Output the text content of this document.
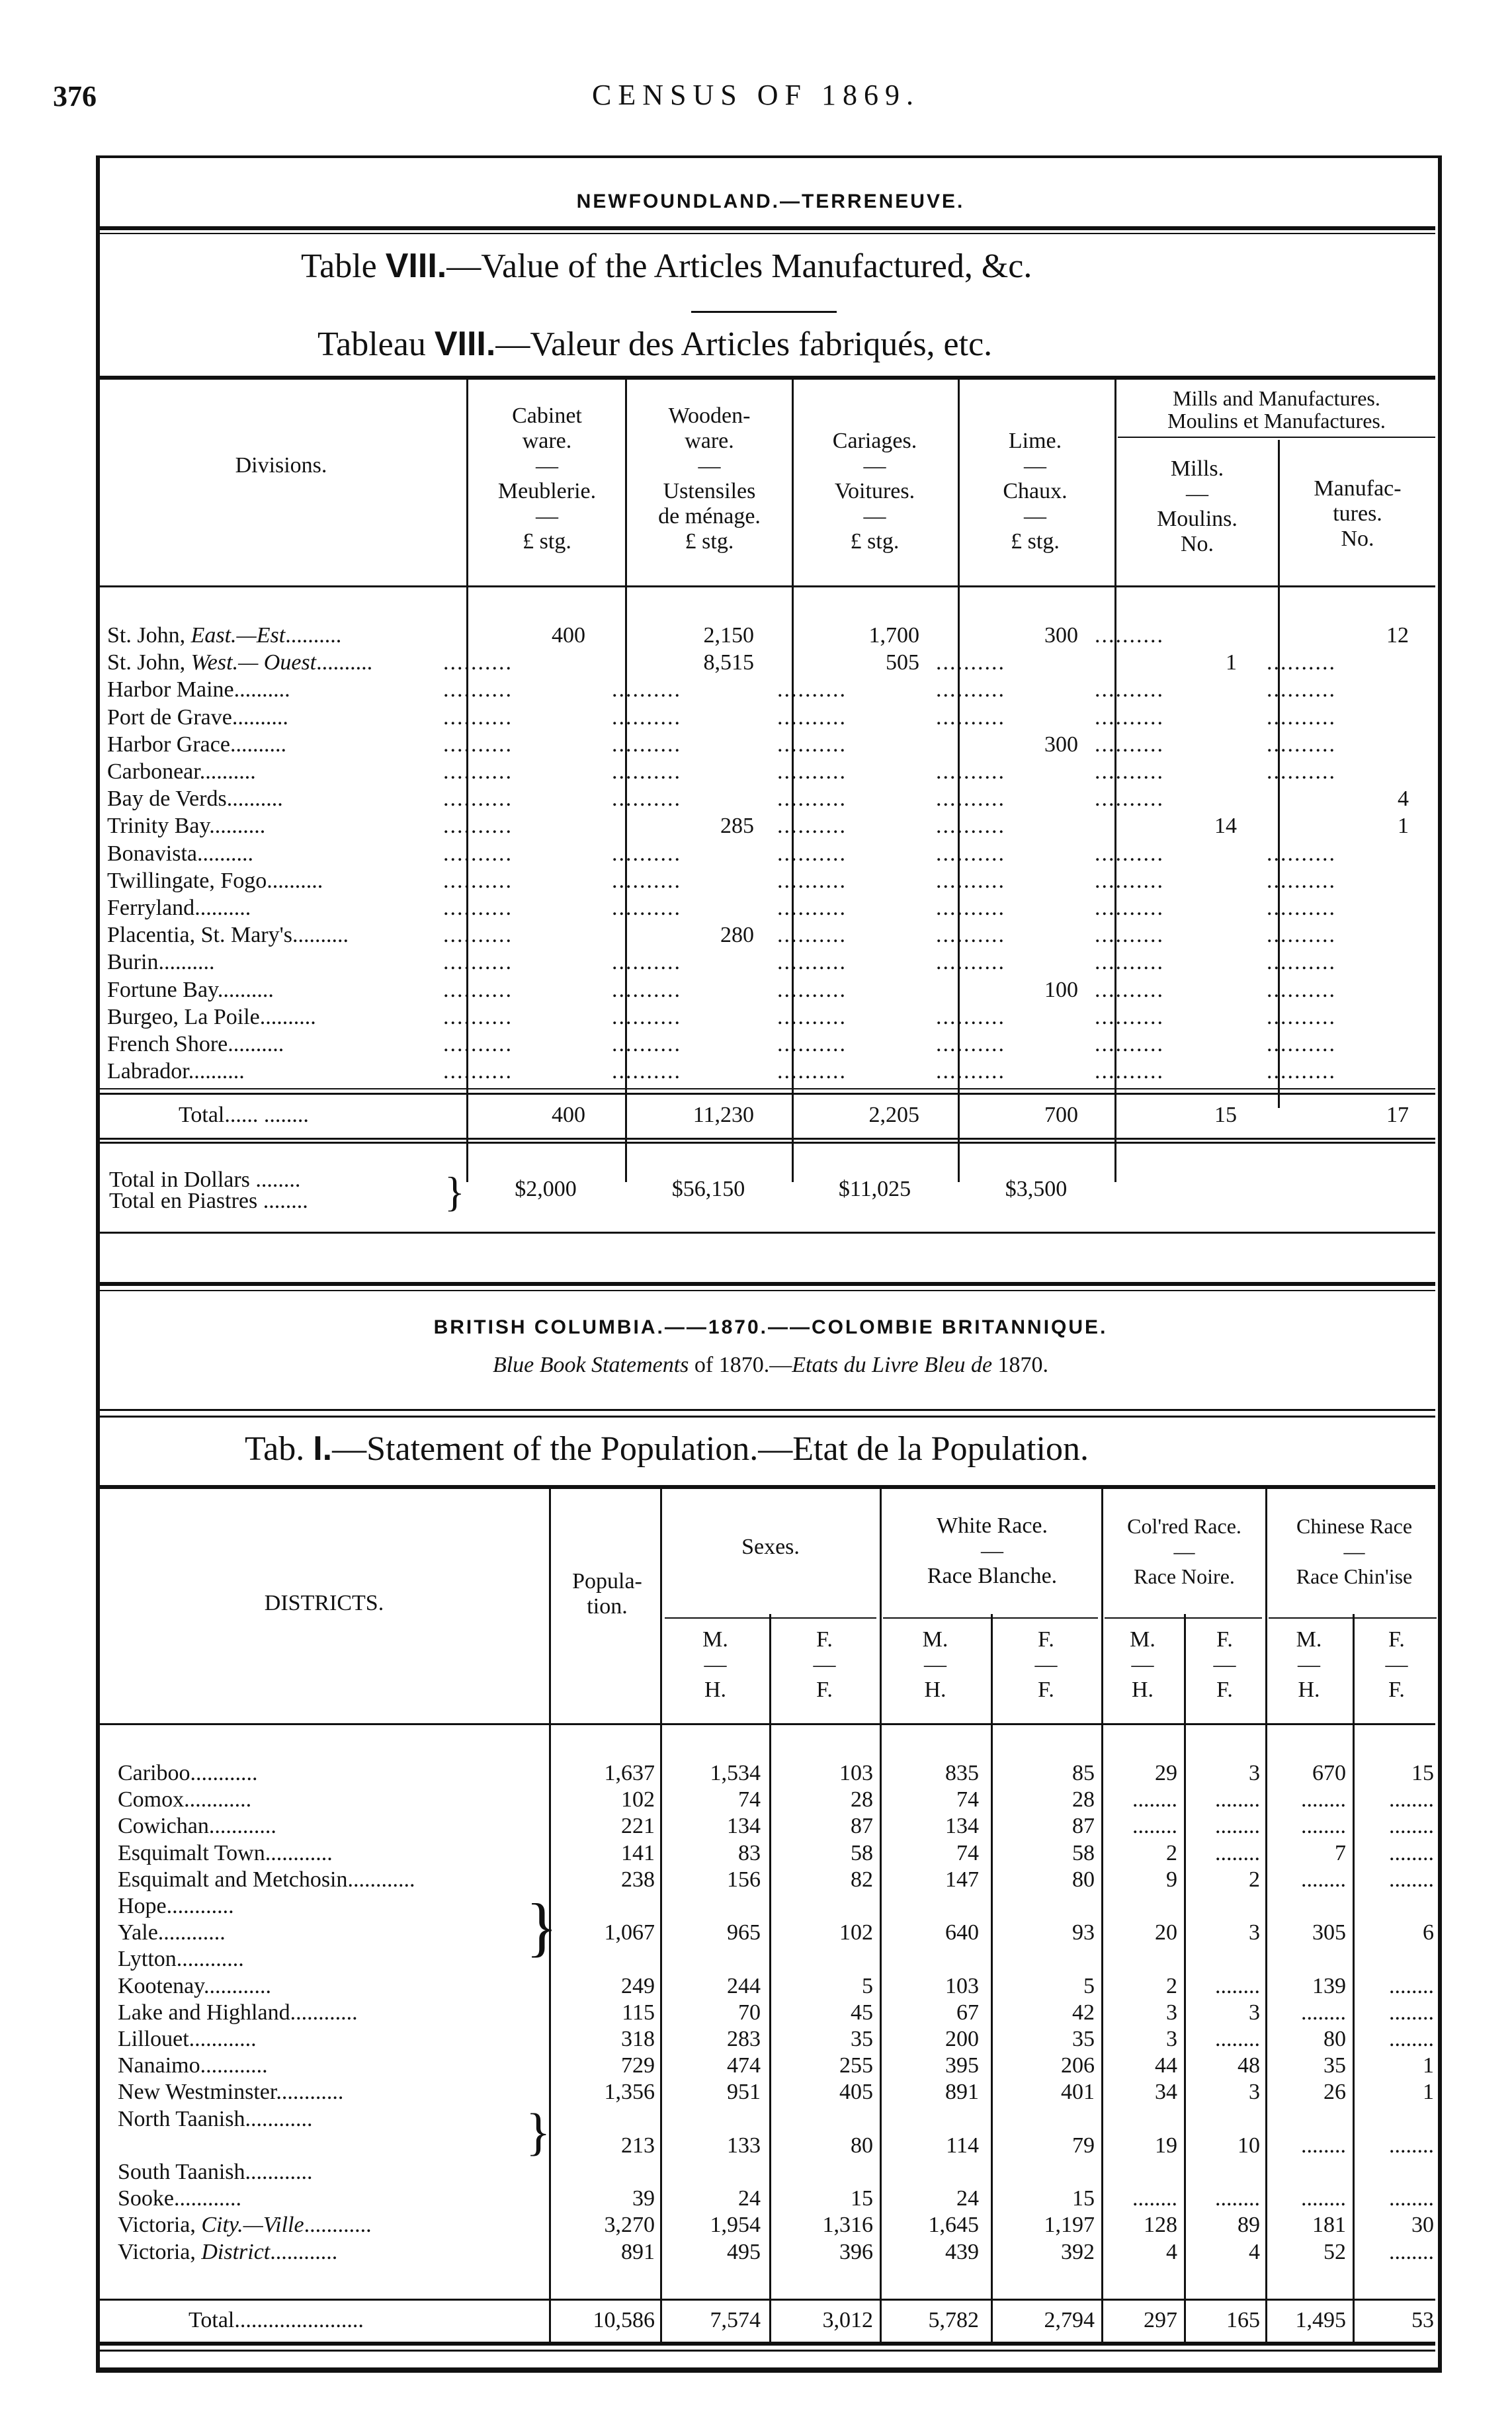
376	CENSUS OF 1869.
NEWFOUNDLAND.—TERRENEUVE.
Table VIII.—Value of the Articles Manufactured, &c.
Tableau VIII.—Valeur des Articles fabriqués, etc.
Divisions.
Cabinet
ware.
—
Meublerie.
—
£ stg.
Wooden-
ware.
—
Ustensiles
de ménage.
£ stg.
Cariages.
—
Voitures.
—
£ stg.
Lime.
—
Chaux.
—
£ stg.
Mills and Manufactures.
Moulins et Manufactures.
Mills.
—
Moulins.
No.
Manufac-
tures.
No.
St. John, East.—Est..........	400	2,150	1,700	300 ..........	12
St. John, West.— Ouest..........	..........	8,515	505 ..........	1 ..........
Harbor Maine..........	..........	..........	..........	..........	..........	..........
Port de Grave..........	..........	..........	..........	..........	..........	..........
Harbor Grace..........	..........	..........	..........	300 ..........	..........
Carbonear..........	..........	..........	..........	..........	..........	..........
Bay de Verds..........	..........	..........	..........	..........	..........	4
Trinity Bay..........	..........	285 ..........	..........	14	1
Bonavista..........	..........	..........	..........	..........	..........	..........
Twillingate, Fogo..........	..........	..........	..........	..........	..........	..........
Ferryland..........	..........	..........	..........	..........	..........	..........
Placentia, St. Mary's..........	..........	280 ..........	..........	..........	..........
Burin..........	..........	..........	..........	..........	..........	..........
Fortune Bay..........	..........	..........	..........	100 ..........	..........
Burgeo, La Poile..........	..........	..........	..........	..........	..........	..........
French Shore..........	..........	..........	..........	..........	..........	..........
Labrador..........	..........	..........	..........	..........	..........	..........
Total...... ........	400	11,230	2,205	700	15	17
Total in Dollars ........
Total en Piastres ........	}	$2,000	$56,150	$11,025	$3,500
BRITISH COLUMBIA.——1870.——COLOMBIE BRITANNIQUE.
Blue Book Statements of 1870.—Etats du Livre Bleu de 1870.
Tab. I.—Statement of the Population.—Etat de la Population.
DISTRICTS.
Popula-
tion.
Sexes.
White Race.
—
Race Blanche.
Col'red Race.
—
Race Noire.
Chinese Race
—
Race Chin'ise
M.
—
H.
F.
—
F.
M.
—
H.
F.
—
F.
M.
—
H.
F.
—
F.
M.
—
H.
F.
—
F.
Cariboo............	1,637	1,534	103	835	85	29	3	670	15
Comox............	102	74	28	74	28	........	........	........	........
Cowichan............	221	134	87	134	87	........	........	........	........
Esquimalt Town............	141	83	58	74	58	2	........	7	........
Esquimalt and Metchosin............	238	156	82	147	80	9	2	........	........
Hope............
Yale............	1,067	965	102	640	93	20	3	305	6
Lytton............
Kootenay............	249	244	5	103	5	2	........	139	........
Lake and Highland............	115	70	45	67	42	3	3	........	........
Lillouet............	318	283	35	200	35	3	........	80	........
Nanaimo............	729	474	255	395	206	44	48	35	1
New Westminster............	1,356	951	405	891	401	34	3	26	1
North Taanish............
213	133	80	114	79	19	10	........	........
South Taanish............
Sooke............	39	24	15	24	15	........	........	........	........
Victoria, City.—Ville............	3,270	1,954	1,316	1,645	1,197	128	89	181	30
Victoria, District............	891	495	396	439	392	4	4	52	........
}
}
Total.......................	10,586	7,574	3,012	5,782	2,794	297	165	1,495	53
